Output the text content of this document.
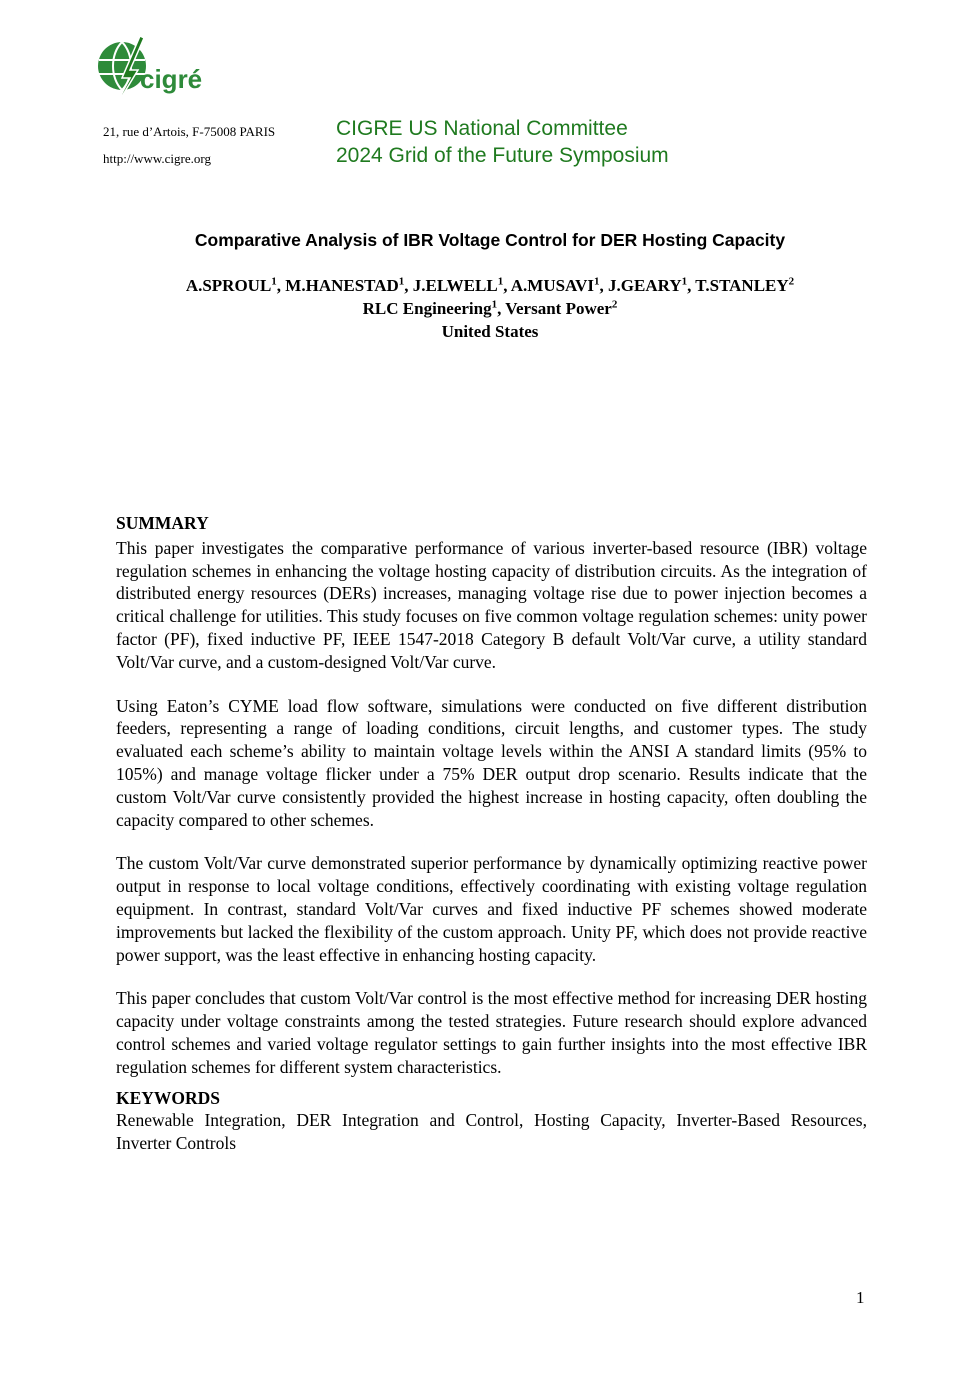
cigré
21, rue d’Artois, F-75008 PARIS
http://www.cigre.org
CIGRE US National Committee
2024 Grid of the Future Symposium
Comparative Analysis of IBR Voltage Control for DER Hosting Capacity
A.SPROUL$^1$, M.HANESTAD$^1$, J.ELWELL$^1$, A.MUSAVI$^1$, J.GEARY$^1$, T.STANLEY$^2$
RLC Engineering$^1$, Versant Power$^2$
United States
SUMMARY

This paper investigates the comparative performance of various inverter-based resource (IBR) voltage regulation schemes in enhancing the voltage hosting capacity of distribution circuits. As the integration of distributed energy resources (DERs) increases, managing voltage rise due to power injection becomes a critical challenge for utilities. This study focuses on five common voltage regulation schemes: unity power factor (PF), fixed inductive PF, IEEE 1547-2018 Category B default Volt/Var curve, a utility standard Volt/Var curve, and a custom-designed Volt/Var curve.

Using Eaton’s CYME load flow software, simulations were conducted on five different distribution feeders, representing a range of loading conditions, circuit lengths, and customer types. The study evaluated each scheme’s ability to maintain voltage levels within the ANSI A standard limits (95% to 105%) and manage voltage flicker under a 75% DER output drop scenario. Results indicate that the custom Volt/Var curve consistently provided the highest increase in hosting capacity, often doubling the capacity compared to other schemes.

The custom Volt/Var curve demonstrated superior performance by dynamically optimizing reactive power output in response to local voltage conditions, effectively coordinating with existing voltage regulation equipment. In contrast, standard Volt/Var curves and fixed inductive PF schemes showed moderate improvements but lacked the flexibility of the custom approach. Unity PF, which does not provide reactive power support, was the least effective in enhancing hosting capacity.

This paper concludes that custom Volt/Var control is the most effective method for increasing DER hosting capacity under voltage constraints among the tested strategies. Future research should explore advanced control schemes and varied voltage regulator settings to gain further insights into the most effective IBR regulation schemes for different system characteristics.

KEYWORDS

Renewable Integration, DER Integration and Control, Hosting Capacity, Inverter-Based Resources, Inverter Controls

1
